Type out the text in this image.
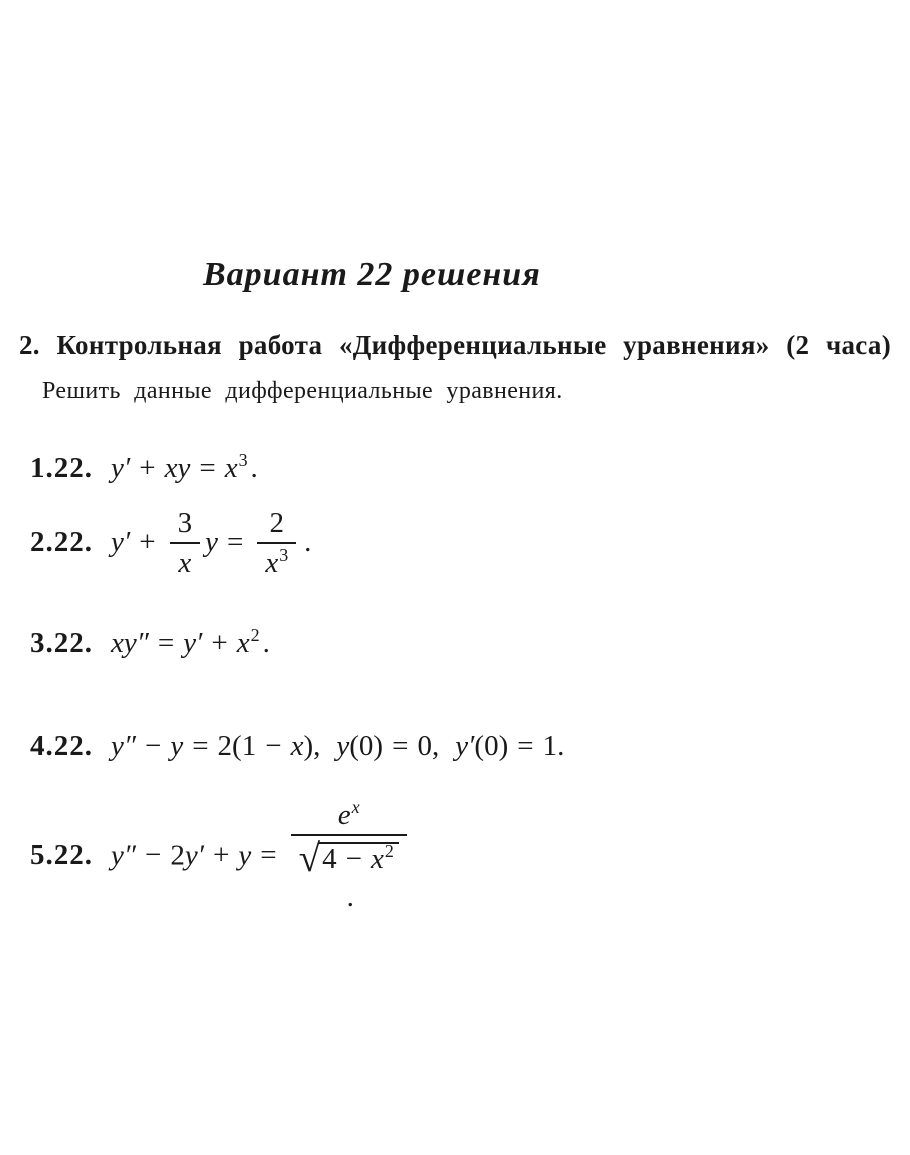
Вариант 22 решения
2. Контрольная работа «Дифференциальные уравнения» (2 часа)
Решить данные дифференциальные уравнения.
1.22. y′ + xy = $x^3$ .
2.22. $y' + \frac{3}{x}$ $y = \frac{2}{x^3}$ .
3.22. $xy'' = y' + x^2$ .
4.22. y″ − y = 2(1 − x), y(0) = 0, y′(0) = 1.
5.22. y″ − 2y′ + y =
$e^x$
√ $4 - x^2$
.
